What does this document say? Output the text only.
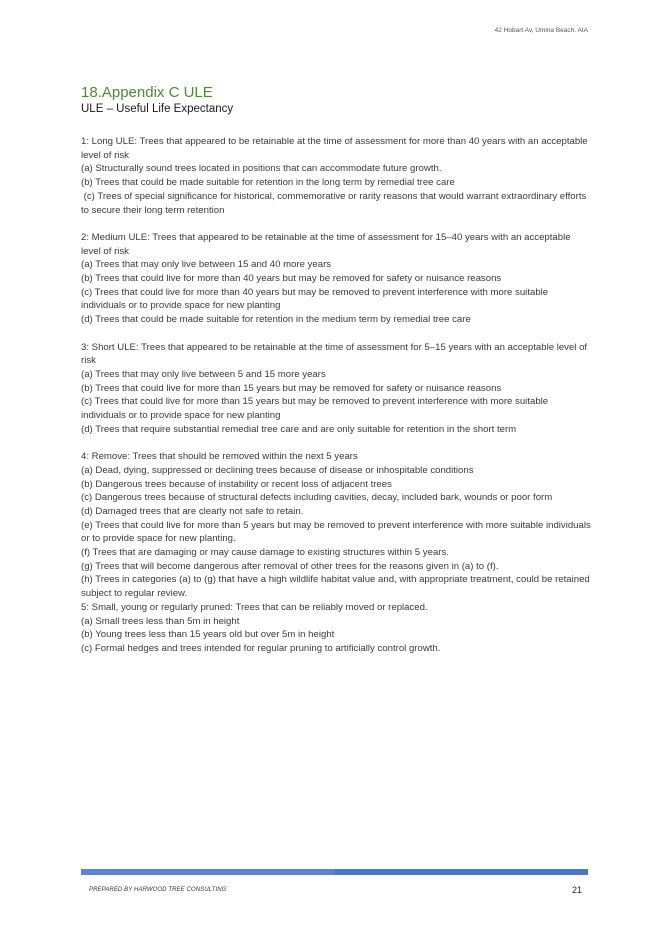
42 Hobart Av, Umina Beach. AIA
18.Appendix C ULE
ULE – Useful Life Expectancy

1: Long ULE: Trees that appeared to be retainable at the time of assessment for more than 40 years with an acceptable level of risk

(a) Structurally sound trees located in positions that can accommodate future growth.

(b) Trees that could be made suitable for retention in the long term by remedial tree care

(c) Trees of special significance for historical, commemorative or rarity reasons that would warrant extraordinary efforts to secure their long term retention

2: Medium ULE: Trees that appeared to be retainable at the time of assessment for 15–40 years with an acceptable level of risk

(a) Trees that may only live between 15 and 40 more years

(b) Trees that could live for more than 40 years but may be removed for safety or nuisance reasons

(c) Trees that could live for more than 40 years but may be removed to prevent interference with more suitable individuals or to provide space for new planting

(d) Trees that could be made suitable for retention in the medium term by remedial tree care

3: Short ULE: Trees that appeared to be retainable at the time of assessment for 5–15 years with an acceptable level of risk

(a) Trees that may only live between 5 and 15 more years

(b) Trees that could live for more than 15 years but may be removed for safety or nuisance reasons

(c) Trees that could live for more than 15 years but may be removed to prevent interference with more suitable individuals or to provide space for new planting

(d) Trees that require substantial remedial tree care and are only suitable for retention in the short term

4: Remove: Trees that should be removed within the next 5 years

(a) Dead, dying, suppressed or declining trees because of disease or inhospitable conditions

(b) Dangerous trees because of instability or recent loss of adjacent trees

(c) Dangerous trees because of structural defects including cavities, decay, included bark, wounds or poor form

(d) Damaged trees that are clearly not safe to retain.

(e) Trees that could live for more than 5 years but may be removed to prevent interference with more suitable individuals or to provide space for new planting.

(f) Trees that are damaging or may cause damage to existing structures within 5 years.

(g) Trees that will become dangerous after removal of other trees for the reasons given in (a) to (f).

(h) Trees in categories (a) to (g) that have a high wildlife habitat value and, with appropriate treatment, could be retained subject to regular review.

5: Small, young or regularly pruned: Trees that can be reliably moved or replaced.

(a) Small trees less than 5m in height

(b) Young trees less than 15 years old but over 5m in height

(c) Formal hedges and trees intended for regular pruning to artificially control growth.

PREPARED BY HARWOOD TREE CONSULTING	21
